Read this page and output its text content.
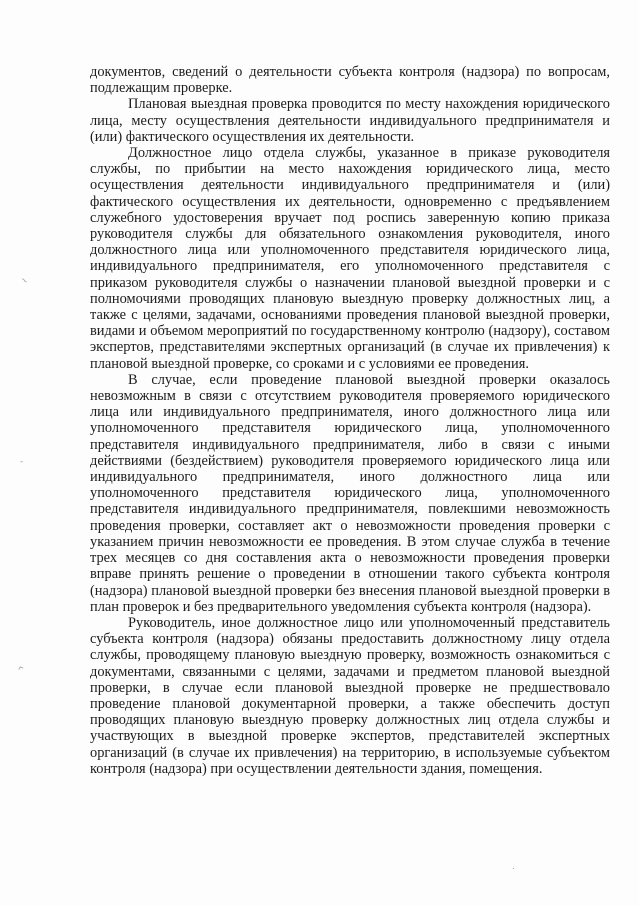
документов, сведений о деятельности субъекта контроля (надзора) по вопросам, подлежащим проверке.

Плановая выездная проверка проводится по месту нахождения юридического лица, месту осуществления деятельности индивидуального предпринимателя и (или) фактического осуществления их деятельности.

Должностное лицо отдела службы, указанное в приказе руководителя службы, по прибытии на место нахождения юридического лица, место осуществления деятельности индивидуального предпринимателя и (или) фактического осуществления их деятельности, одновременно с предъявлением служебного удостоверения вручает под роспись заверенную копию приказа руководителя службы для обязательного ознакомления руководителя, иного должностного лица или уполномоченного представителя юридического лица, индивидуального предпринимателя, его уполномоченного представителя с приказом руководителя службы о назначении плановой выездной проверки и с полномочиями проводящих плановую выездную проверку должностных лиц, а также с целями, задачами, основаниями проведения плановой выездной проверки, видами и объемом мероприятий по государственному контролю (надзору), составом экспертов, представителями экспертных организаций (в случае их привлечения) к плановой выездной проверке, со сроками и с условиями ее проведения.

В случае, если проведение плановой выездной проверки оказалось невозможным в связи с отсутствием руководителя проверяемого юридического лица или индивидуального предпринимателя, иного должностного лица или уполномоченного представителя юридического лица, уполномоченного представителя индивидуального предпринимателя, либо в связи с иными действиями (бездействием) руководителя проверяемого юридического лица или индивидуального предпринимателя, иного должностного лица или уполномоченного представителя юридического лица, уполномоченного представителя индивидуального предпринимателя, повлекшими невозможность проведения проверки, составляет акт о невозможности проведения проверки с указанием причин невозможности ее проведения. В этом случае служба в течение трех месяцев со дня составления акта о невозможности проведения проверки вправе принять решение о проведении в отношении такого субъекта контроля (надзора) плановой выездной проверки без внесения плановой выездной проверки в план проверок и без предварительного уведомления субъекта контроля (надзора).

Руководитель, иное должностное лицо или уполномоченный представитель субъекта контроля (надзора) обязаны предоставить должностному лицу отдела службы, проводящему плановую выездную проверку, возможность ознакомиться с документами, связанными с целями, задачами и предметом плановой выездной проверки, в случае если плановой выездной проверке не предшествовало проведение плановой документарной проверки, а также обеспечить доступ проводящих плановую выездную проверку должностных лиц отдела службы и участвующих в выездной проверке экспертов, представителей экспертных организаций (в случае их привлечения) на территорию, в используемые субъектом контроля (надзора) при осуществлении деятельности здания, помещения.

~
-
^
.
